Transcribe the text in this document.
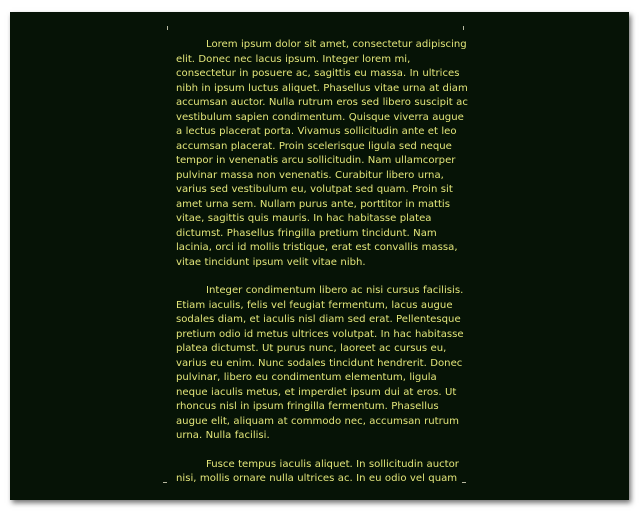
Lorem ipsum dolor sit amet, consectetur adipiscing elit. Donec nec lacus ipsum. Integer lorem mi, consectetur in posuere ac, sagittis eu massa. In ultrices nibh in ipsum luctus aliquet. Phasellus vitae urna at diam accumsan auctor. Nulla rutrum eros sed libero suscipit ac vestibulum sapien condimentum. Quisque viverra augue a lectus placerat porta. Vivamus sollicitudin ante et leo accumsan placerat. Proin scelerisque ligula sed neque tempor in venenatis arcu sollicitudin. Nam ullamcorper pulvinar massa non venenatis. Curabitur libero urna, varius sed vestibulum eu, volutpat sed quam. Proin sit amet urna sem. Nullam purus ante, porttitor in mattis vitae, sagittis quis mauris. In hac habitasse platea dictumst. Phasellus fringilla pretium tincidunt. Nam lacinia, orci id mollis tristique, erat est convallis massa, vitae tincidunt ipsum velit vitae nibh.

Integer condimentum libero ac nisi cursus facilisis. Etiam iaculis, felis vel feugiat fermentum, lacus augue sodales diam, et iaculis nisl diam sed erat. Pellentesque pretium odio id metus ultrices volutpat. In hac habitasse platea dictumst. Ut purus nunc, laoreet ac cursus eu, varius eu enim. Nunc sodales tincidunt hendrerit. Donec pulvinar, libero eu condimentum elementum, ligula neque iaculis metus, et imperdiet ipsum dui at eros. Ut rhoncus nisl in ipsum fringilla fermentum. Phasellus augue elit, aliquam at commodo nec, accumsan rutrum urna. Nulla facilisi.

Fusce tempus iaculis aliquet. In sollicitudin auctor nisi, mollis ornare nulla ultrices ac. In eu odio vel quam
